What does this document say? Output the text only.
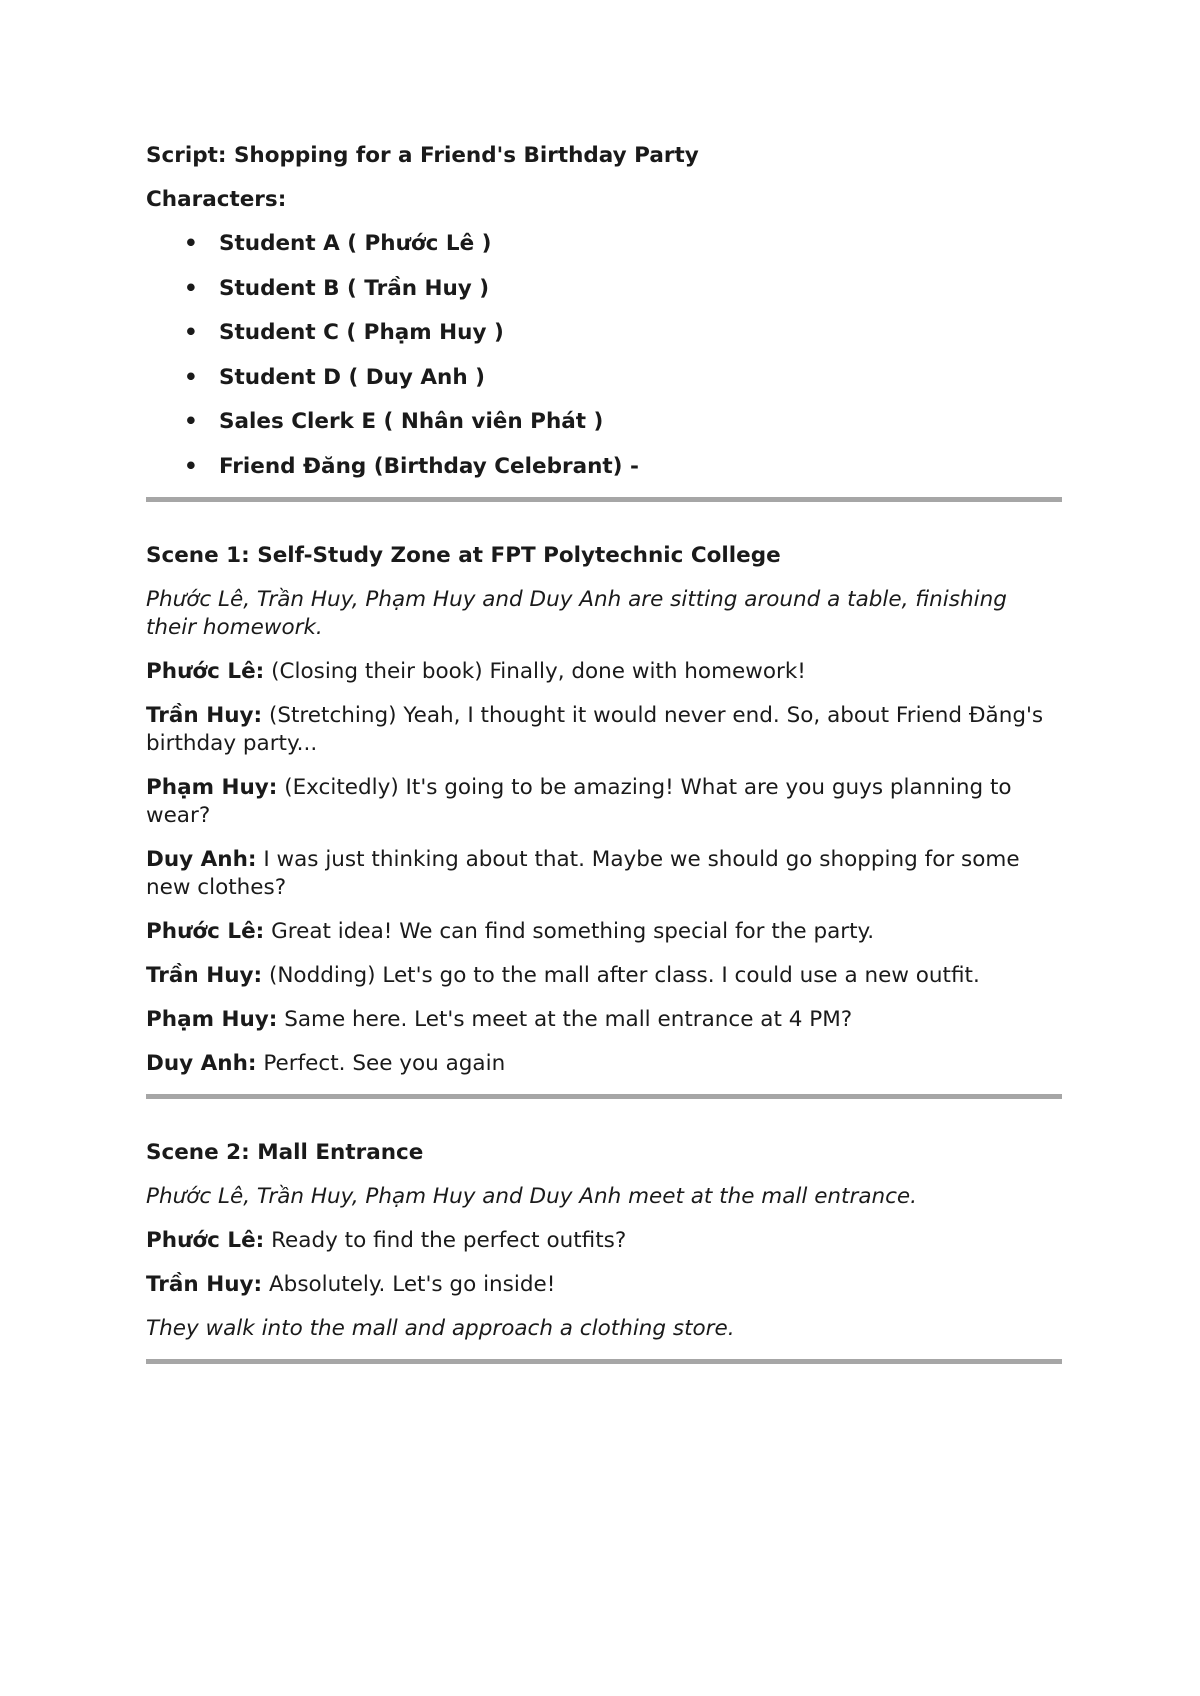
Script: Shopping for a Friend's Birthday Party

Characters:

• Student A ( Phước Lê )
• Student B ( Trần Huy )
• Student C ( Phạm Huy )
• Student D ( Duy Anh )
• Sales Clerk E ( Nhân viên Phát )
• Friend Đăng (Birthday Celebrant) -

Scene 1: Self-Study Zone at FPT Polytechnic College

Phước Lê, Trần Huy, Phạm Huy and Duy Anh are sitting around a table, finishing their homework.

Phước Lê: (Closing their book) Finally, done with homework!

Trần Huy: (Stretching) Yeah, I thought it would never end. So, about Friend Đăng's birthday party...

Phạm Huy: (Excitedly) It's going to be amazing! What are you guys planning to wear?

Duy Anh: I was just thinking about that. Maybe we should go shopping for some new clothes?

Phước Lê: Great idea! We can find something special for the party.

Trần Huy: (Nodding) Let's go to the mall after class. I could use a new outfit.

Phạm Huy: Same here. Let's meet at the mall entrance at 4 PM?

Duy Anh: Perfect. See you again

Scene 2: Mall Entrance

Phước Lê, Trần Huy, Phạm Huy and Duy Anh meet at the mall entrance.

Phước Lê: Ready to find the perfect outfits?

Trần Huy: Absolutely. Let's go inside!

They walk into the mall and approach a clothing store.
